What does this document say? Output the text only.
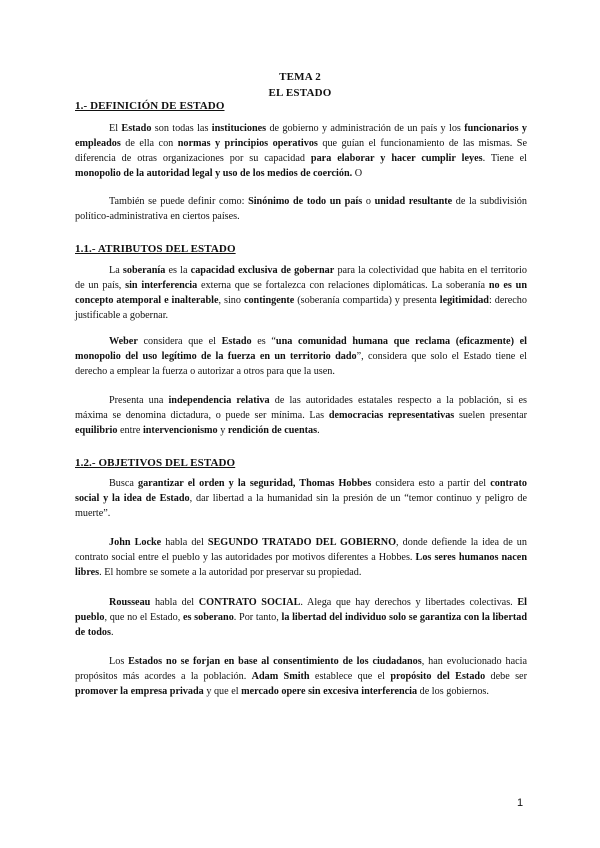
TEMA 2
EL ESTADO
1.- DEFINICIÓN DE ESTADO
El Estado son todas las instituciones de gobierno y administración de un país y los funcionarios y empleados de ella con normas y principios operativos que guían el funcionamiento de las mismas. Se diferencia de otras organizaciones por su capacidad para elaborar y hacer cumplir leyes. Tiene el monopolio de la autoridad legal y uso de los medios de coerción. O
También se puede definir como: Sinónimo de todo un país o unidad resultante de la subdivisión político-administrativa en ciertos países.
1.1.- ATRIBUTOS DEL ESTADO
La soberanía es la capacidad exclusiva de gobernar para la colectividad que habita en el territorio de un país, sin interferencia externa que se fortalezca con relaciones diplomáticas. La soberanía no es un concepto atemporal e inalterable, sino contingente (soberanía compartida) y presenta legitimidad: derecho justificable a gobernar.
Weber considera que el Estado es “una comunidad humana que reclama (eficazmente) el monopolio del uso legítimo de la fuerza en un territorio dado”, considera que solo el Estado tiene el derecho a emplear la fuerza o autorizar a otros para que la usen.
Presenta una independencia relativa de las autoridades estatales respecto a la población, si es máxima se denomina dictadura, o puede ser mínima. Las democracias representativas suelen presentar equilibrio entre intervencionismo y rendición de cuentas.
1.2.- OBJETIVOS DEL ESTADO
Busca garantizar el orden y la seguridad, Thomas Hobbes considera esto a partir del contrato social y la idea de Estado, dar libertad a la humanidad sin la presión de un “temor continuo y peligro de muerte”.
John Locke habla del SEGUNDO TRATADO DEL GOBIERNO, donde defiende la idea de un contrato social entre el pueblo y las autoridades por motivos diferentes a Hobbes. Los seres humanos nacen libres. El hombre se somete a la autoridad por preservar su propiedad.
Rousseau habla del CONTRATO SOCIAL. Alega que hay derechos y libertades colectivas. El pueblo, que no el Estado, es soberano. Por tanto, la libertad del individuo solo se garantiza con la libertad de todos.
Los Estados no se forjan en base al consentimiento de los ciudadanos, han evolucionado hacia propósitos más acordes a la población. Adam Smith establece que el propósito del Estado debe ser promover la empresa privada y que el mercado opere sin excesiva interferencia de los gobiernos.
1
